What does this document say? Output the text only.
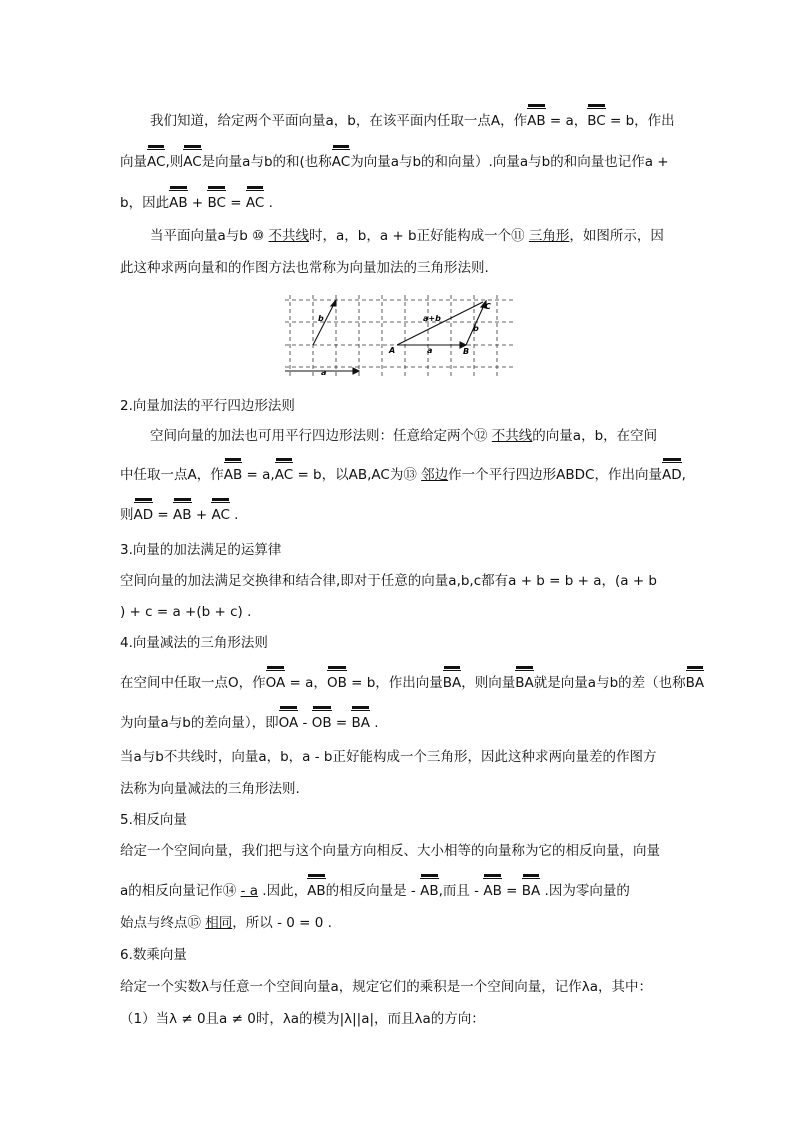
我们知道，给定两个平面向量a，b，在该平面内任取一点A，作AB = a，BC = b，作出
向量AC,则AC是向量a与b的和(也称AC为向量a与b的和向量）.向量a与b的和向量也记作a +
b，因此AB + BC = AC .
当平面向量a与b ⑩ 不共线时，a，b，a + b正好能构成一个⑪ 三角形，如图所示，因
此这种求两向量和的作图方法也常称为向量加法的三角形法则.
b
a
a+b
a
b
A	B
C
2.向量加法的平行四边形法则
空间向量的加法也可用平行四边形法则：任意给定两个⑫ 不共线的向量a，b，在空间
中任取一点A，作AB = a,AC = b，以AB,AC为⑬ 邻边作一个平行四边形ABDC，作出向量AD,
则AD = AB + AC .
3.向量的加法满足的运算律
空间向量的加法满足交换律和结合律,即对于任意的向量a,b,c都有a + b = b + a，(a + b
) + c = a +(b + c) .
4.向量减法的三角形法则
在空间中任取一点O，作OA = a，OB = b，作出向量BA，则向量BA就是向量a与b的差（也称BA
为向量a与b的差向量），即OA - OB = BA .
当a与b不共线时，向量a，b，a - b正好能构成一个三角形，因此这种求两向量差的作图方
法称为向量减法的三角形法则.
5.相反向量
给定一个空间向量，我们把与这个向量方向相反、大小相等的向量称为它的相反向量，向量
a的相反向量记作⑭ - a .因此，AB的相反向量是 - AB,而且 - AB = BA .因为零向量的
始点与终点⑮ 相同，所以 - 0 = 0 .
6.数乘向量
给定一个实数λ与任意一个空间向量a，规定它们的乘积是一个空间向量，记作λa，其中：
（1）当λ ≠ 0且a ≠ 0时，λa的模为|λ||a|，而且λa的方向：
